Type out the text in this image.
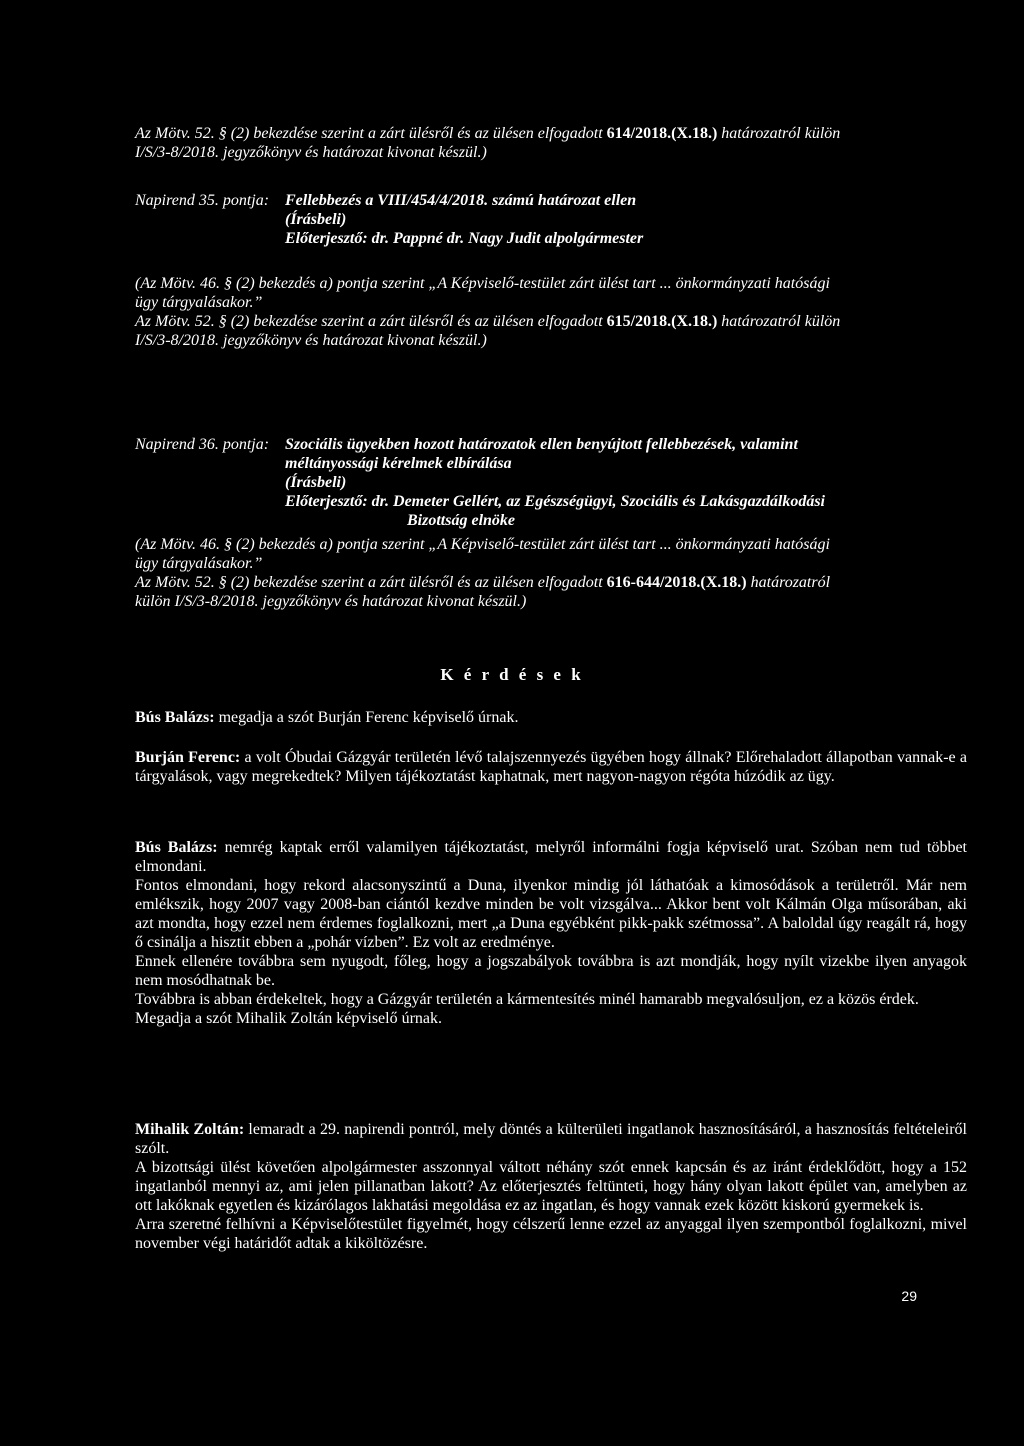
Az Mötv. 52. § (2) bekezdése szerint a zárt ülésről és az ülésen elfogadott 614/2018.(X.18.) határozatról külön
I/S/3-8/2018. jegyzőkönyv és határozat kivonat készül.)
Napirend 35. pontja: Fellebbezés a VIII/454/4/2018. számú határozat ellen
(Írásbeli)
Előterjesztő: dr. Pappné dr. Nagy Judit alpolgármester
(Az Mötv. 46. § (2) bekezdés a) pontja szerint „A Képviselő-testület zárt ülést tart ... önkormányzati hatósági
ügy tárgyalásakor.”
Az Mötv. 52. § (2) bekezdése szerint a zárt ülésről és az ülésen elfogadott 615/2018.(X.18.) határozatról külön
I/S/3-8/2018. jegyzőkönyv és határozat kivonat készül.)
Napirend 36. pontja: Szociális ügyekben hozott határozatok ellen benyújtott fellebbezések, valamint
méltányossági kérelmek elbírálása
(Írásbeli)
Előterjesztő: dr. Demeter Gellért, az Egészségügyi, Szociális és Lakásgazdálkodási
Bizottság elnöke
(Az Mötv. 46. § (2) bekezdés a) pontja szerint „A Képviselő-testület zárt ülést tart ... önkormányzati hatósági
ügy tárgyalásakor.”
Az Mötv. 52. § (2) bekezdése szerint a zárt ülésről és az ülésen elfogadott 616-644/2018.(X.18.) határozatról
külön I/S/3-8/2018. jegyzőkönyv és határozat kivonat készül.)
K é r d é s e k

Bús Balázs: megadja a szót Burján Ferenc képviselő úrnak.

Burján Ferenc: a volt Óbudai Gázgyár területén lévő talajszennyezés ügyében hogy állnak? Előrehaladott állapotban vannak-e a tárgyalások, vagy megrekedtek? Milyen tájékoztatást kaphatnak, mert nagyon-nagyon régóta húzódik az ügy.

Bús Balázs: nemrég kaptak erről valamilyen tájékoztatást, melyről informálni fogja képviselő urat. Szóban nem tud többet elmondani.

Fontos elmondani, hogy rekord alacsonyszintű a Duna, ilyenkor mindig jól láthatóak a kimosódások a területről. Már nem emlékszik, hogy 2007 vagy 2008-ban ciántól kezdve minden be volt vizsgálva... Akkor bent volt Kálmán Olga műsorában, aki azt mondta, hogy ezzel nem érdemes foglalkozni, mert „a Duna egyébként pikk-pakk szétmossa”. A baloldal úgy reagált rá, hogy ő csinálja a hisztit ebben a „pohár vízben”. Ez volt az eredménye.

Ennek ellenére továbbra sem nyugodt, főleg, hogy a jogszabályok továbbra is azt mondják, hogy nyílt vizekbe ilyen anyagok nem mosódhatnak be.

Továbbra is abban érdekeltek, hogy a Gázgyár területén a kármentesítés minél hamarabb megvalósuljon, ez a közös érdek.

Megadja a szót Mihalik Zoltán képviselő úrnak.

Mihalik Zoltán: lemaradt a 29. napirendi pontról, mely döntés a külterületi ingatlanok hasznosításáról, a hasznosítás feltételeiről szólt.

A bizottsági ülést követően alpolgármester asszonnyal váltott néhány szót ennek kapcsán és az iránt érdeklődött, hogy a 152 ingatlanból mennyi az, ami jelen pillanatban lakott? Az előterjesztés feltünteti, hogy hány olyan lakott épület van, amelyben az ott lakóknak egyetlen és kizárólagos lakhatási megoldása ez az ingatlan, és hogy vannak ezek között kiskorú gyermekek is.

Arra szeretné felhívni a Képviselőtestület figyelmét, hogy célszerű lenne ezzel az anyaggal ilyen szempontból foglalkozni, mivel november végi határidőt adtak a kiköltözésre.

29
